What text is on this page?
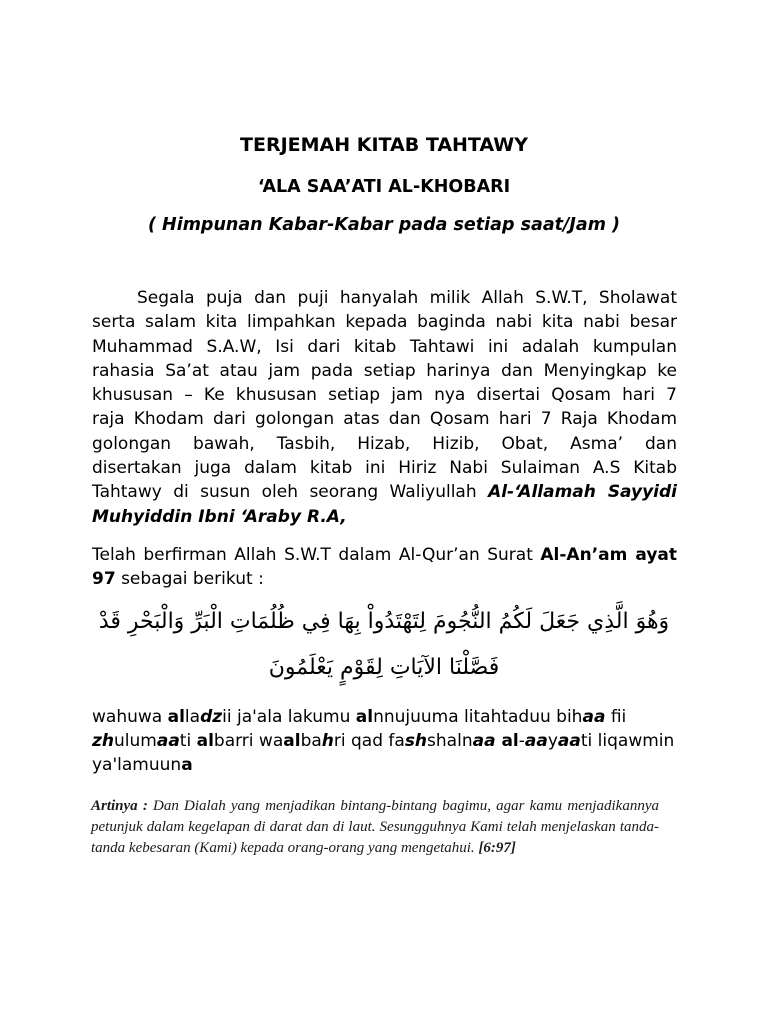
TERJEMAH KITAB TAHTAWY
‘ALA SAA’ATI AL-KHOBARI
( Himpunan Kabar-Kabar pada setiap saat/Jam )
Segala puja dan puji hanyalah milik Allah S.W.T, Sholawat
serta salam kita limpahkan kepada baginda nabi kita nabi besar
Muhammad S.A.W, Isi dari kitab Tahtawi ini adalah kumpulan
rahasia Sa’at atau jam pada setiap harinya dan Menyingkap ke
khususan – Ke khususan setiap jam nya disertai Qosam hari 7
raja Khodam dari golongan atas dan Qosam hari 7 Raja Khodam
golongan bawah, Tasbih, Hizab, Hizib, Obat, Asma’ dan
disertakan juga dalam kitab ini Hiriz Nabi Sulaiman A.S Kitab
Tahtawy di susun oleh seorang Waliyullah Al-‘Allamah Sayyidi
Muhyiddin Ibni ‘Araby R.A,
Telah berfirman Allah S.W.T dalam Al-Qur’an Surat Al-An’am ayat
97 sebagai berikut :
وَهُوَ الَّذِي جَعَلَ لَكُمُ النُّجُومَ لِتَهْتَدُواْ بِهَا فِي ظُلُمَاتِ الْبَرِّ وَالْبَحْرِ قَدْ
فَصَّلْنَا الآيَاتِ لِقَوْمٍ يَعْلَمُونَ
wahuwa alladzii ja'ala lakumu alnnujuuma litahtaduu bihaa fii
zhulumaati albarri waalbahri qad fashshalnaa al-aayaati liqawmin
ya'lamuuna
Artinya : Dan Dialah yang menjadikan bintang-bintang bagimu, agar kamu menjadikannya
petunjuk dalam kegelapan di darat dan di laut. Sesungguhnya Kami telah menjelaskan tanda-
tanda kebesaran (Kami) kepada orang-orang yang mengetahui. [6:97]
